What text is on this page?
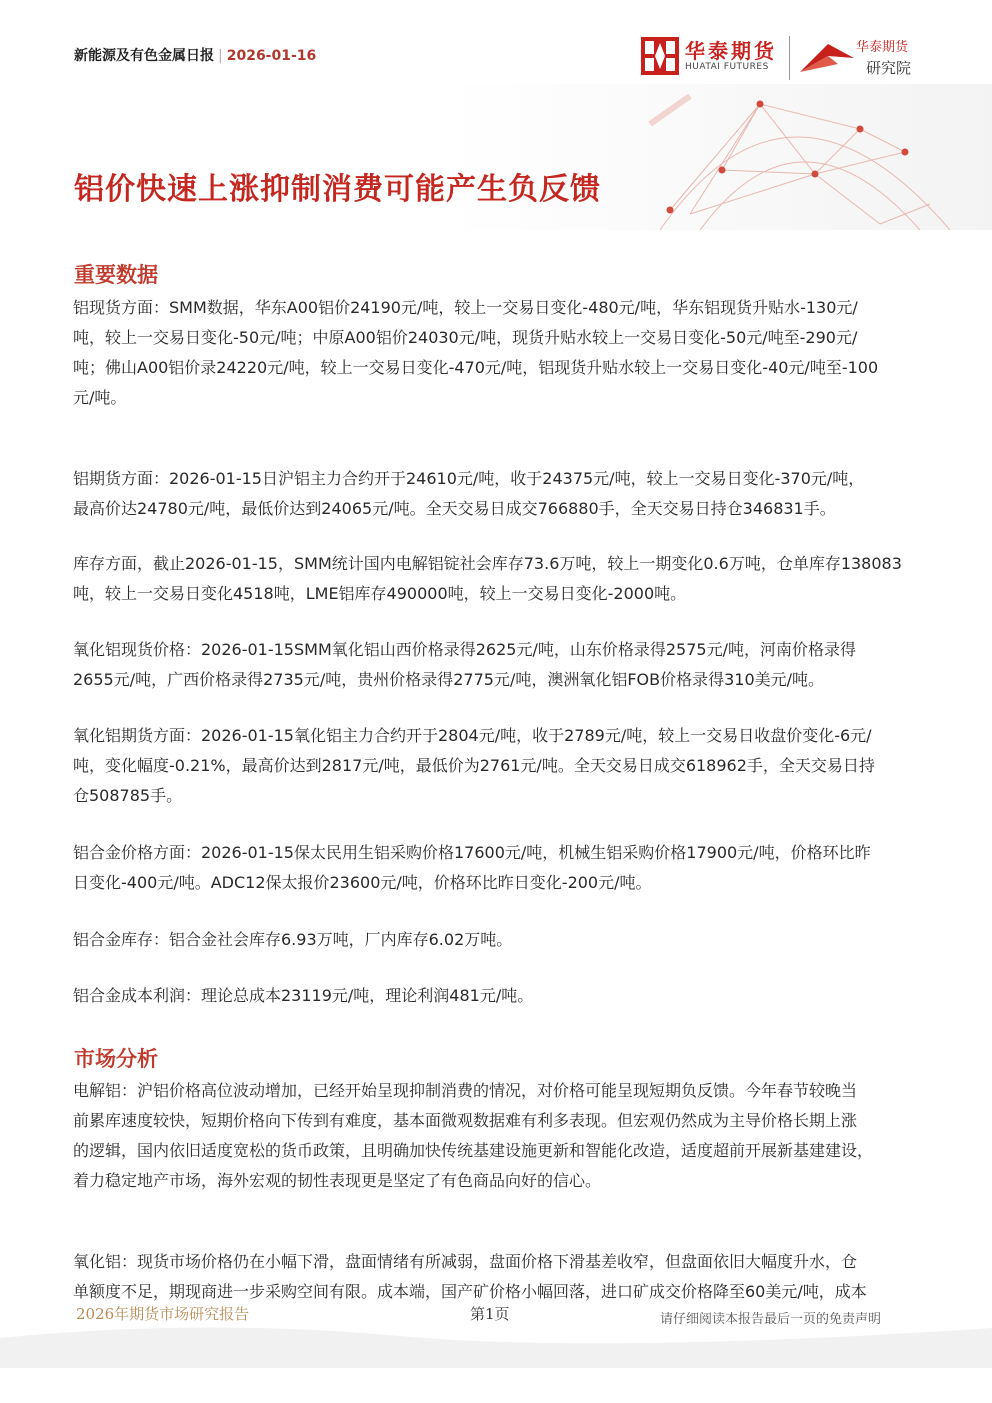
新能源及有色金属日报 | 2026-01-16	华泰期货
HUATAI FUTURES
华泰期货
研究院
铝价快速上涨抑制消费可能产生负反馈
重要数据
铝现货方面：SMM数据，华东A00铝价24190元/吨，较上一交易日变化-480元/吨，华东铝现货升贴水-130元/
吨，较上一交易日变化-50元/吨；中原A00铝价24030元/吨，现货升贴水较上一交易日变化-50元/吨至-290元/
吨；佛山A00铝价录24220元/吨，较上一交易日变化-470元/吨，铝现货升贴水较上一交易日变化-40元/吨至-100
元/吨。
铝期货方面：2026-01-15日沪铝主力合约开于24610元/吨，收于24375元/吨，较上一交易日变化-370元/吨，
最高价达24780元/吨，最低价达到24065元/吨。全天交易日成交766880手，全天交易日持仓346831手。
库存方面，截止2026-01-15，SMM统计国内电解铝锭社会库存73.6万吨，较上一期变化0.6万吨，仓单库存138083
吨，较上一交易日变化4518吨，LME铝库存490000吨，较上一交易日变化-2000吨。
氧化铝现货价格：2026-01-15SMM氧化铝山西价格录得2625元/吨，山东价格录得2575元/吨，河南价格录得
2655元/吨，广西价格录得2735元/吨，贵州价格录得2775元/吨，澳洲氧化铝FOB价格录得310美元/吨。
氧化铝期货方面：2026-01-15氧化铝主力合约开于2804元/吨，收于2789元/吨，较上一交易日收盘价变化-6元/
吨，变化幅度-0.21%，最高价达到2817元/吨，最低价为2761元/吨。全天交易日成交618962手，全天交易日持
仓508785手。
铝合金价格方面：2026-01-15保太民用生铝采购价格17600元/吨，机械生铝采购价格17900元/吨，价格环比昨
日变化-400元/吨。ADC12保太报价23600元/吨，价格环比昨日变化-200元/吨。
铝合金库存：铝合金社会库存6.93万吨，厂内库存6.02万吨。
铝合金成本利润：理论总成本23119元/吨，理论利润481元/吨。
市场分析
电解铝：沪铝价格高位波动增加，已经开始呈现抑制消费的情况，对价格可能呈现短期负反馈。今年春节较晚当
前累库速度较快，短期价格向下传到有难度，基本面微观数据难有利多表现。但宏观仍然成为主导价格长期上涨
的逻辑，国内依旧适度宽松的货币政策，且明确加快传统基建设施更新和智能化改造，适度超前开展新基建建设，
着力稳定地产市场，海外宏观的韧性表现更是坚定了有色商品向好的信心。
氧化铝：现货市场价格仍在小幅下滑，盘面情绪有所减弱，盘面价格下滑基差收窄，但盘面依旧大幅度升水，仓
单额度不足，期现商进一步采购空间有限。成本端，国产矿价格小幅回落，进口矿成交价格降至60美元/吨，成本
2026年期货市场研究报告	第1页	请仔细阅读本报告最后一页的免责声明
